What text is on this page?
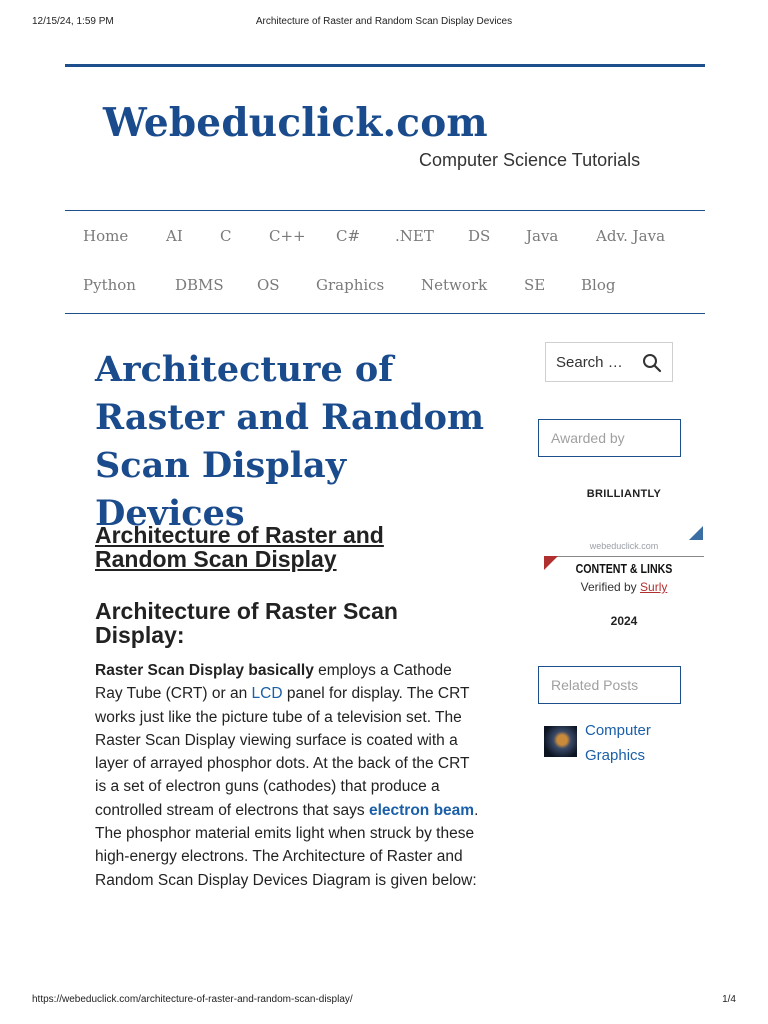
12/15/24, 1:59 PM	Architecture of Raster and Random Scan Display Devices
https://webeduclick.com/architecture-of-raster-and-random-scan-display/	1/4
Webeduclick.com
Computer Science Tutorials
Home	AI C	C++ C# .NET DS Java	Adv. Java
Python	DBMS OS Graphics Network SE Blog
Architecture of
Raster and Random
Scan Display Devices
Architecture of Raster and
Random Scan Display
Architecture of Raster Scan
Display:
Raster Scan Display basically employs a Cathode Ray Tube (CRT) or an LCD panel for display. The CRT works just like the picture tube of a television set. The Raster Scan Display viewing surface is coated with a layer of arrayed phosphor dots. At the back of the CRT is a set of electron guns (cathodes) that produce a controlled stream of electrons that says electron beam. The phosphor material emits light when struck by these high-energy electrons. The Architecture of Raster and Random Scan Display Devices Diagram is given below:
Search …
Awarded by
BRILLIANTLY
webeduclick.com
CONTENT & LINKS
Verified by Surly
2024
Related Posts
Computer
Graphics
